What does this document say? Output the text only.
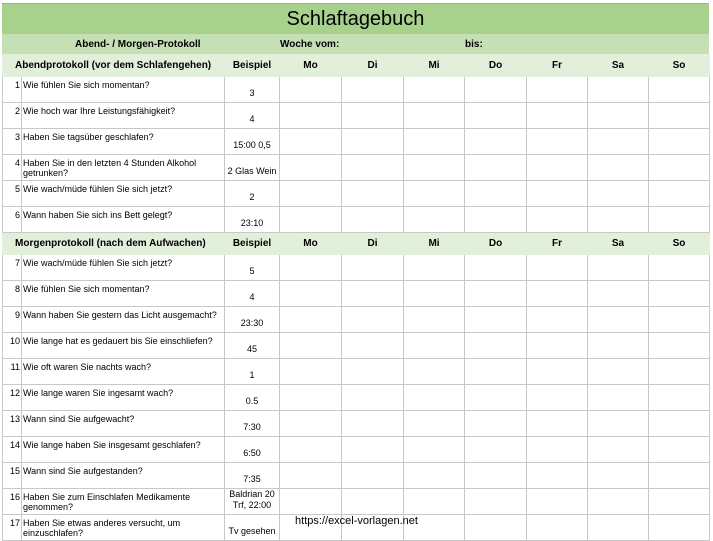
Schlaftagebuch
Abend- / Morgen-Protokoll	Woche vom:	bis:
Abendprotokoll (vor dem Schlafengehen)		Beispiel	Mo	Di	Mi	Do	Fr	Sa	So
1	Wie fühlen Sie sich momentan?	3							
2	Wie hoch war Ihre Leistungsfähigkeit?	4							
3	Haben Sie tagsüber geschlafen?	15:00 0,5							
4	Haben Sie in den letzten 4 Stunden Alkohol getrunken?	2 Glas Wein							
5	Wie wach/müde fühlen Sie sich jetzt?	2							
6	Wann haben Sie sich ins Bett gelegt?	23:10							
Morgenprotokoll (nach dem Aufwachen)		Beispiel	Mo	Di	Mi	Do	Fr	Sa	So
7	Wie wach/müde fühlen Sie sich jetzt?	5							
8	Wie fühlen Sie sich momentan?	4							
9	Wann haben Sie gestern das Licht ausgemacht?	23:30							
10	Wie lange hat es gedauert bis Sie einschliefen?	45							
11	Wie oft waren Sie nachts wach?	1							
12	Wie lange waren Sie ingesamt wach?	0.5							
13	Wann sind Sie aufgewacht?	7:30							
14	Wie lange haben Sie insgesamt geschlafen?	6:50							
15	Wann sind Sie aufgestanden?	7:35							
16	Haben Sie zum Einschlafen Medikamente genommen?	Baldrian 20 Trf, 22:00							
17	Haben Sie etwas anderes versucht, um einzuschlafen?	Tv gesehen							
https://excel-vorlagen.net
